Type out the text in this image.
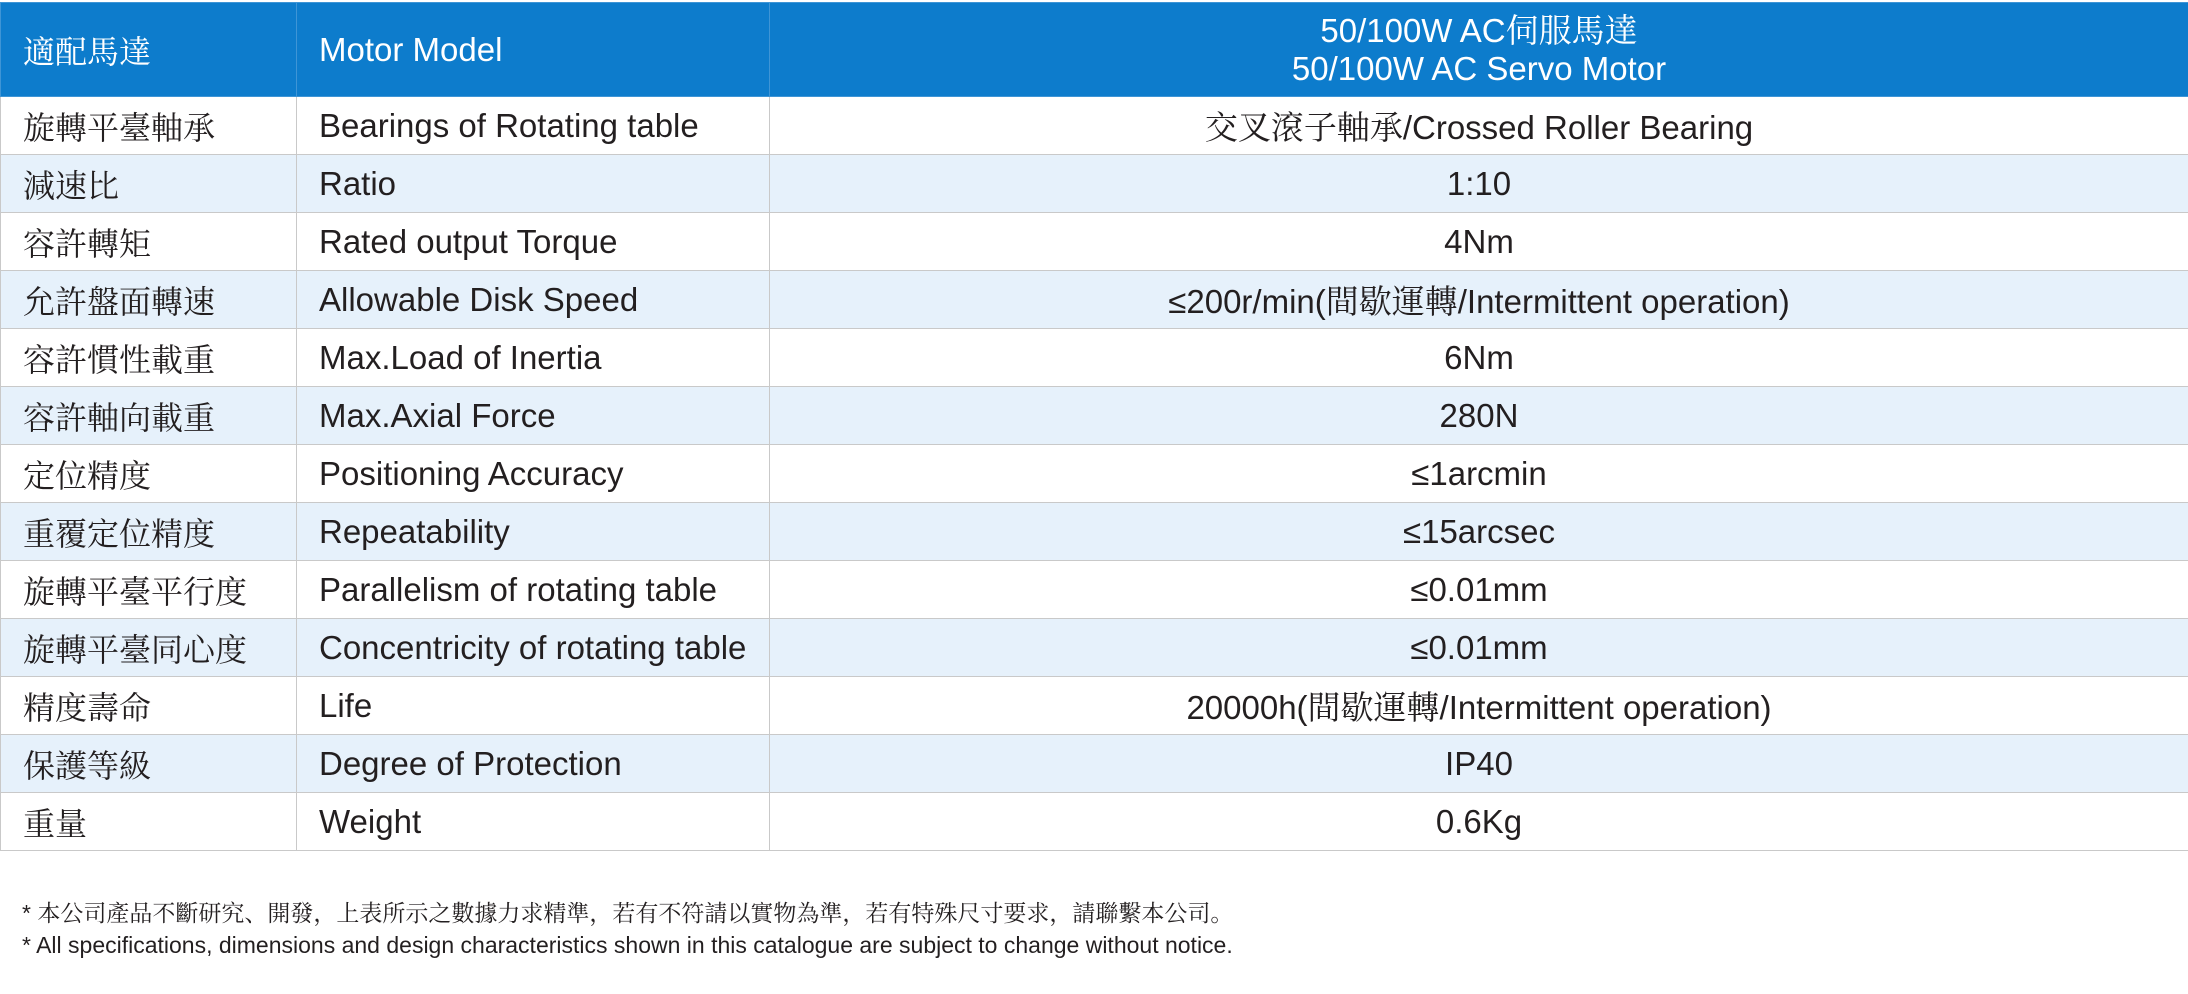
適配馬達	Motor Model	50/100W AC伺服馬達
50/100W AC Servo Motor

旋轉平臺軸承	Bearings of Rotating table	交叉滾子軸承/Crossed Roller Bearing
減速比	Ratio	1:10
容許轉矩	Rated output Torque	4Nm
允許盤面轉速	Allowable Disk Speed	≤200r/min(間歇運轉/Intermittent operation)
容許慣性載重	Max.Load of Inertia	6Nm
容許軸向載重	Max.Axial Force	280N
定位精度	Positioning Accuracy	≤1arcmin
重覆定位精度	Repeatability	≤15arcsec
旋轉平臺平行度	Parallelism of rotating table	≤0.01mm
旋轉平臺同心度	Concentricity of rotating table	≤0.01mm
精度壽命	Life	20000h(間歇運轉/Intermittent operation)
保護等級	Degree of Protection	IP40
重量	Weight	0.6Kg
* 本公司產品不斷研究、開發，上表所示之數據力求精準，若有不符請以實物為準，若有特殊尺寸要求，請聯繫本公司。
* All specifications, dimensions and design characteristics shown in this catalogue are subject to change without notice.
